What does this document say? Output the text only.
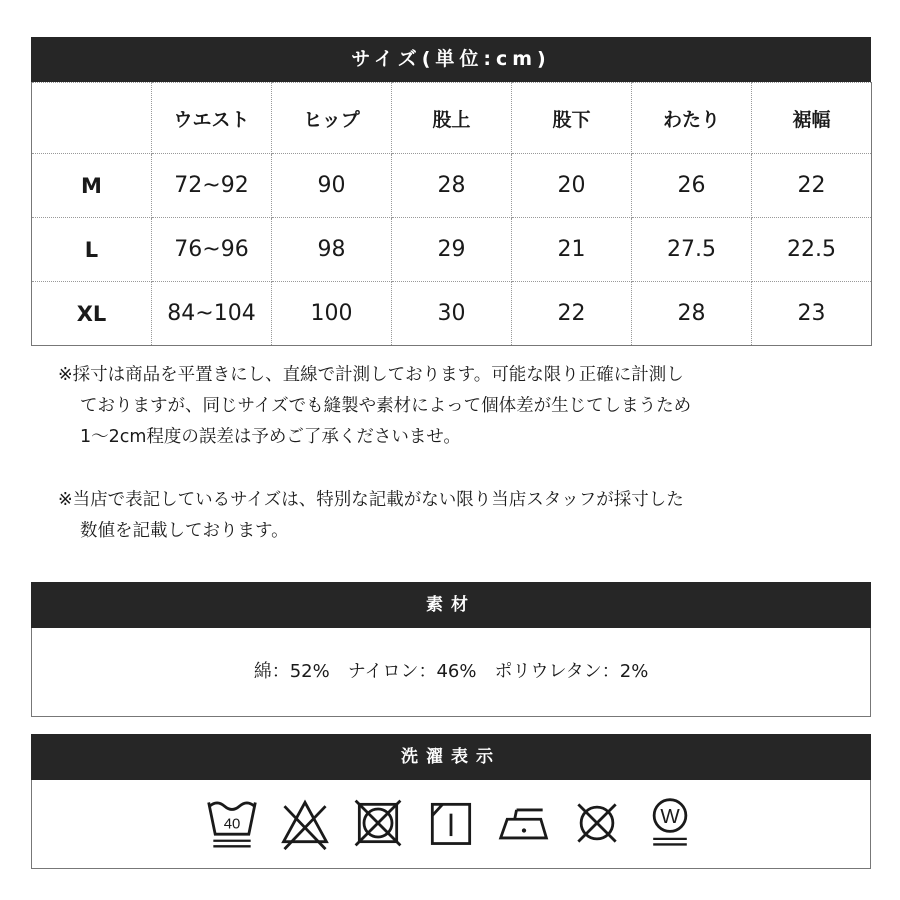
サイズ(単位:cm)
	ウエスト	ヒップ	股上	股下	わたり	裾幅
M	72~92	90	28	20	26	22
L	76~96	98	29	21	27.5	22.5
XL	84~104	100	30	22	28	23

※採寸は商品を平置きにし、直線で計測しております。可能な限り正確に計測し

ておりますが、同じサイズでも縫製や素材によって個体差が生じてしまうため

1～2cm程度の誤差は予めご了承くださいませ。

※当店で表記しているサイズは、特別な記載がない限り当店スタッフが採寸した

数値を記載しております。

素材
綿：52%　ナイロン：46%　ポリウレタン：2%
洗濯表示
40	W
